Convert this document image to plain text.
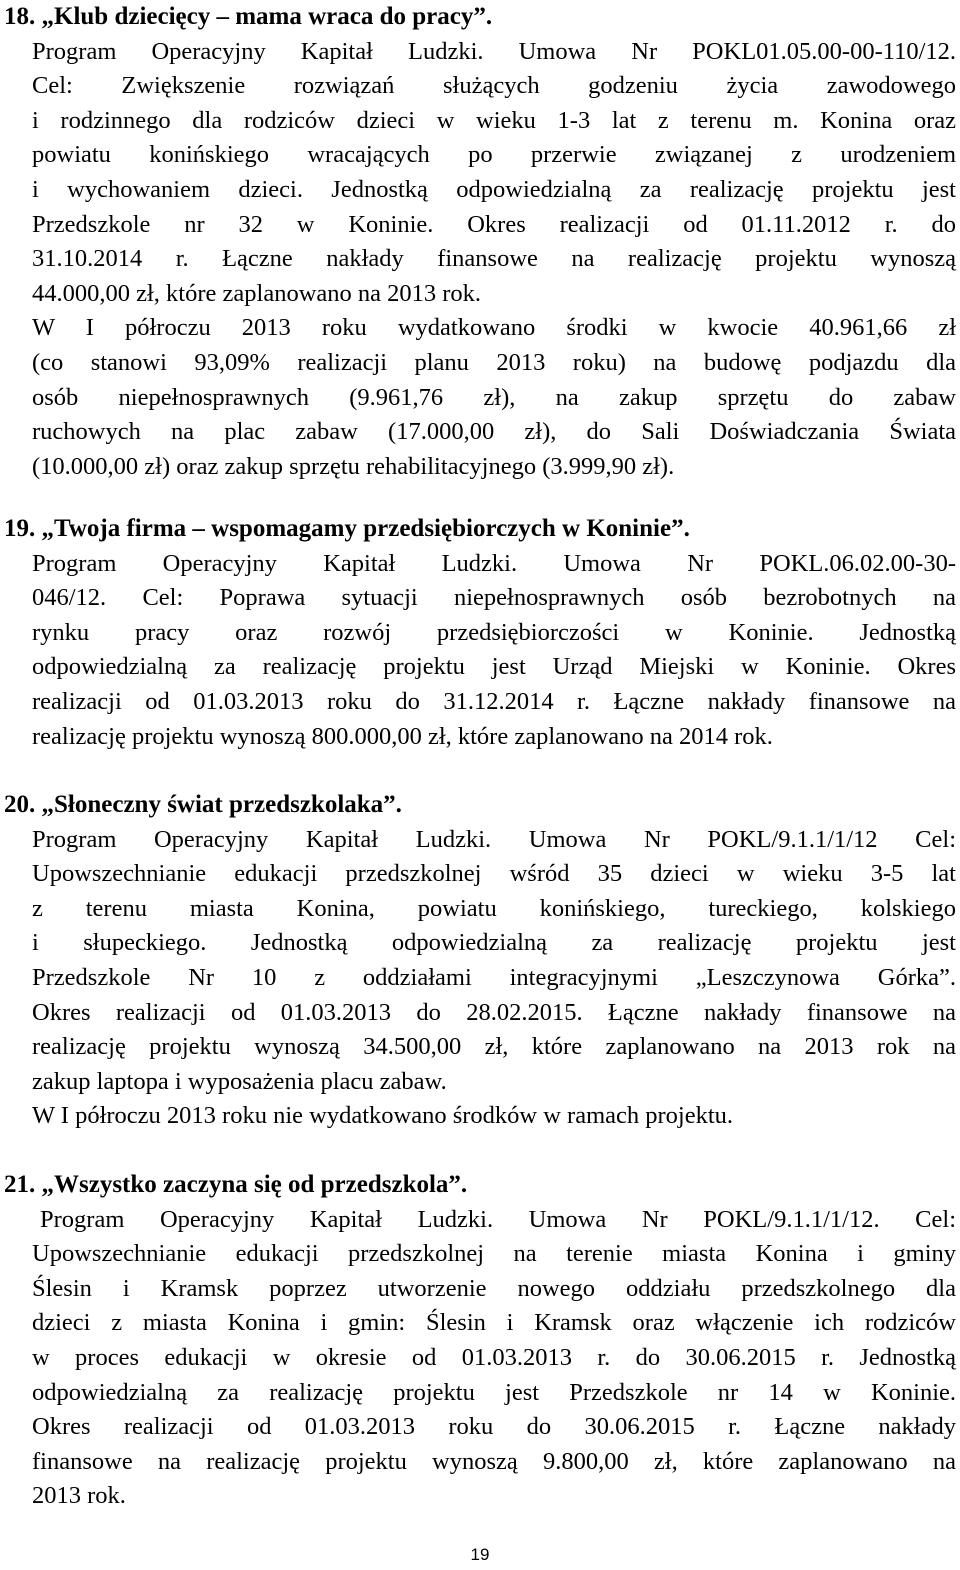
18. „Klub dziecięcy – mama wraca do pracy”.
Program Operacyjny Kapitał Ludzki. Umowa Nr POKL01.05.00-00-110/12.
Cel: Zwiększenie rozwiązań służących godzeniu życia zawodowego
i rodzinnego dla rodziców dzieci w wieku 1-3 lat z terenu m. Konina oraz
powiatu konińskiego wracających po przerwie związanej z urodzeniem
i wychowaniem dzieci. Jednostką odpowiedzialną za realizację projektu jest
Przedszkole nr 32 w Koninie. Okres realizacji od 01.11.2012 r. do
31.10.2014 r. Łączne nakłady finansowe na realizację projektu wynoszą
44.000,00 zł, które zaplanowano na 2013 rok.
W I półroczu 2013 roku wydatkowano środki w kwocie 40.961,66 zł
(co stanowi 93,09% realizacji planu 2013 roku) na budowę podjazdu dla
osób niepełnosprawnych (9.961,76 zł), na zakup sprzętu do zabaw
ruchowych na plac zabaw (17.000,00 zł), do Sali Doświadczania Świata
(10.000,00 zł) oraz zakup sprzętu rehabilitacyjnego (3.999,90 zł).
19. „Twoja firma – wspomagamy przedsiębiorczych w Koninie”.
Program Operacyjny Kapitał Ludzki. Umowa Nr POKL.06.02.00-30-
046/12. Cel: Poprawa sytuacji niepełnosprawnych osób bezrobotnych na
rynku pracy oraz rozwój przedsiębiorczości w Koninie. Jednostką
odpowiedzialną za realizację projektu jest Urząd Miejski w Koninie. Okres
realizacji od 01.03.2013 roku do 31.12.2014 r. Łączne nakłady finansowe na
realizację projektu wynoszą 800.000,00 zł, które zaplanowano na 2014 rok.
20. „Słoneczny świat przedszkolaka”.
Program Operacyjny Kapitał Ludzki. Umowa Nr POKL/9.1.1/1/12 Cel:
Upowszechnianie edukacji przedszkolnej wśród 35 dzieci w wieku 3-5 lat
z terenu miasta Konina, powiatu konińskiego, tureckiego, kolskiego
i słupeckiego. Jednostką odpowiedzialną za realizację projektu jest
Przedszkole Nr 10 z oddziałami integracyjnymi „Leszczynowa Górka”.
Okres realizacji od 01.03.2013 do 28.02.2015. Łączne nakłady finansowe na
realizację projektu wynoszą 34.500,00 zł, które zaplanowano na 2013 rok na
zakup laptopa i wyposażenia placu zabaw.
W I półroczu 2013 roku nie wydatkowano środków w ramach projektu.
21. „Wszystko zaczyna się od przedszkola”.
Program Operacyjny Kapitał Ludzki. Umowa Nr POKL/9.1.1/1/12. Cel:
Upowszechnianie edukacji przedszkolnej na terenie miasta Konina i gminy
Ślesin i Kramsk poprzez utworzenie nowego oddziału przedszkolnego dla
dzieci z miasta Konina i gmin: Ślesin i Kramsk oraz włączenie ich rodziców
w proces edukacji w okresie od 01.03.2013 r. do 30.06.2015 r. Jednostką
odpowiedzialną za realizację projektu jest Przedszkole nr 14 w Koninie.
Okres realizacji od 01.03.2013 roku do 30.06.2015 r. Łączne nakłady
finansowe na realizację projektu wynoszą 9.800,00 zł, które zaplanowano na
2013 rok.
19
